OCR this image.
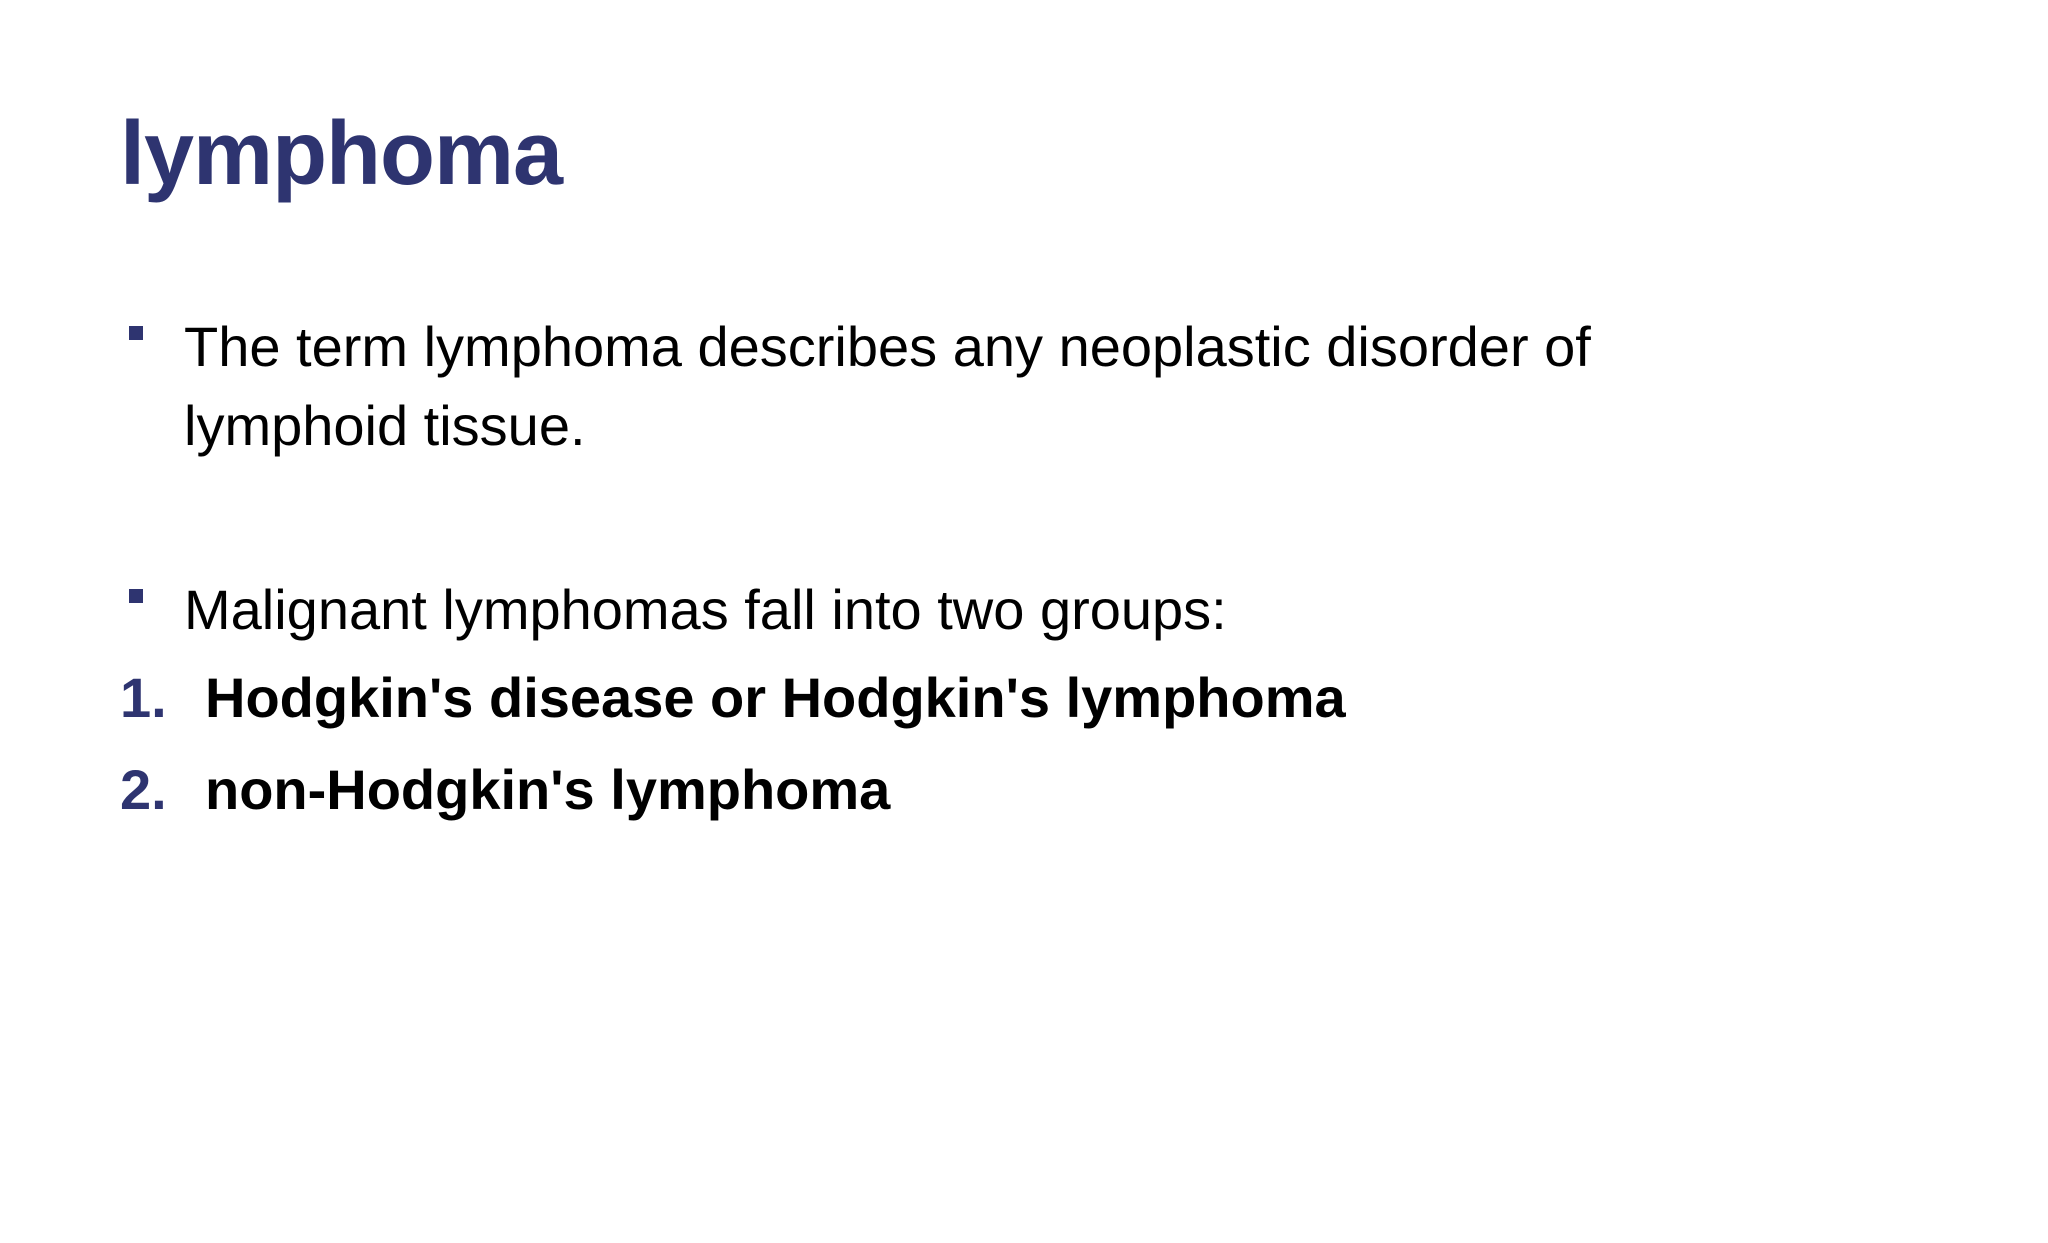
lymphoma
The term lymphoma describes any neoplastic disorder of lymphoid tissue.
Malignant lymphomas fall into two groups:
1. Hodgkin's disease or Hodgkin's lymphoma
2. non-Hodgkin's lymphoma
